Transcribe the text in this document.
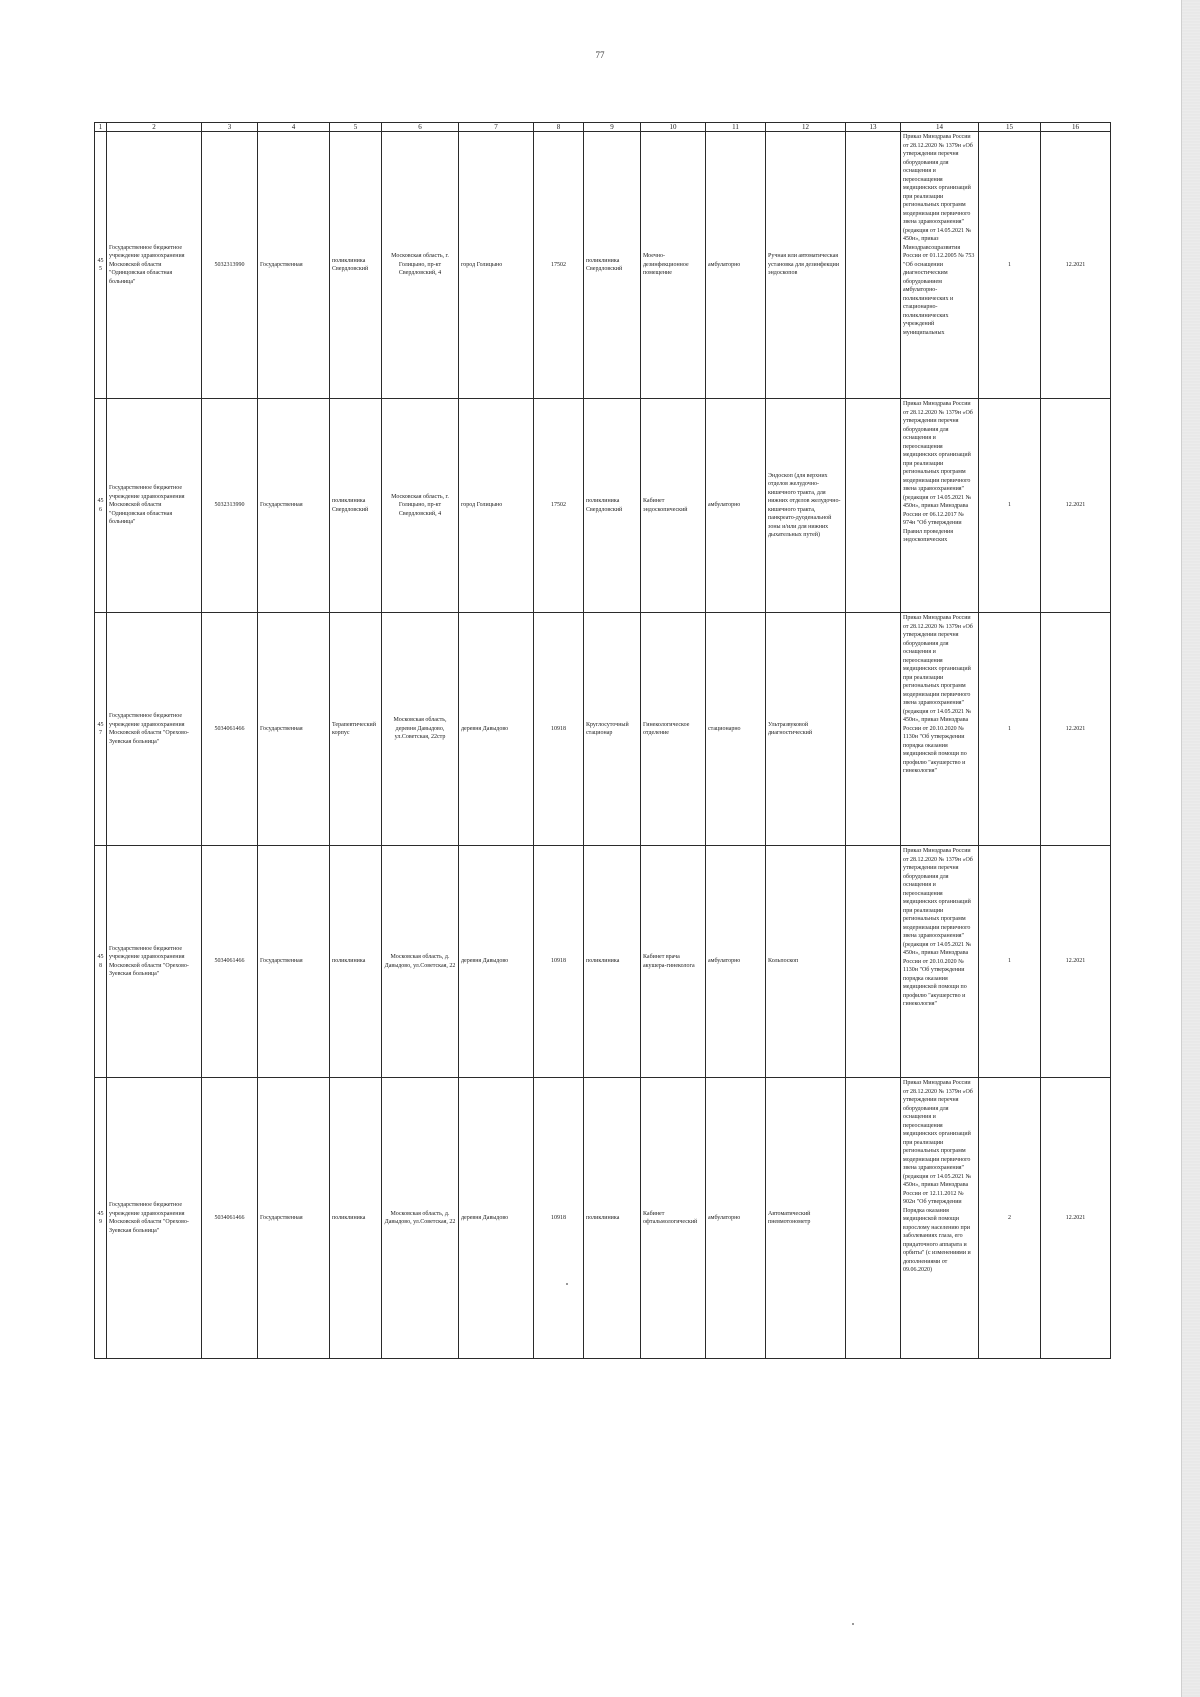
77
1	2	3	4	5	6	7	8	9	10	11	12	13	14	15	16
455	Государственное бюджетное учреждение здравоохранения Московской области "Одинцовская областная больница"	5032313990	Государственная	поликлиника Свердловский	Московская область, г. Голицыно, пр-кт Свердловский, 4	город Голицыно	17502	поликлиника Свердловский	Моечно-дезинфекционное помещение	амбулаторно	Ручная или автоматическая установка для дезинфекции эндоскопов		Приказ Минздрава России от 28.12.2020 № 1379н «Об утверждении перечня оборудования для оснащения и переоснащения медицинских организаций при реализации региональных программ модернизации первичного звена здравоохранения"(редакция от 14.05.2021 № 450н», приказ Минздравсоцразвития России от 01.12.2005 № 753 "Об оснащении диагностическим оборудованием амбулаторно-поликлинических и стационарно-поликлинических учреждений муниципальных	1	12.2021
456	Государственное бюджетное учреждение здравоохранения Московской области "Одинцовская областная больница"	5032313990	Государственная	поликлиника Свердловский	Московская область, г. Голицыно, пр-кт Свердловский, 4	город Голицыно	17502	поликлиника Свердловский	Кабинет эндоскопический	амбулаторно	Эндоскоп (для верхних отделов желудочно-кишечного тракта, для нижних отделов желудочно-кишечного тракта, панкреато-дуоденальной зоны и/или для нижних дыхательных путей)		Приказ Минздрава России от 28.12.2020 № 1379н «Об утверждении перечня оборудования для оснащения и переоснащения медицинских организаций при реализации региональных программ модернизации первичного звена здравоохранения"(редакция от 14.05.2021 № 450н», приказ Минздрава России от 06.12.2017 № 974н "Об утверждении Правил проведения эндоскопических	1	12.2021
457	Государственное бюджетное учреждение здравоохранения Московской области "Орехово-Зуевская больница"	5034061466	Государственная	Терапевтический корпус	Московская область, деревня Давыдово, ул.Советская, 22стр	деревня Давыдово	10918	Круглосуточный стационар	Гинекологическое отделение	стационарно	Ультразвуковой диагностический		Приказ Минздрава России от 28.12.2020 № 1379н «Об утверждении перечня оборудования для оснащения и переоснащения медицинских организаций при реализации региональных программ модернизации первичного звена здравоохранения"(редакция от 14.05.2021 № 450н», приказ Минздрава России от 20.10.2020 № 1130н "Об утверждении порядка оказания медицинской помощи по профилю "акушерство и гинекология"	1	12.2021
458	Государственное бюджетное учреждение здравоохранения Московской области "Орехово-Зуевская больница"	5034061466	Государственная	поликлиника	Московская область, д. Давыдово, ул.Советская, 22	деревня Давыдово	10918	поликлиника	Кабинет врача акушера-гинеколога	амбулаторно	Кольпоскоп		Приказ Минздрава России от 28.12.2020 № 1379н «Об утверждении перечня оборудования для оснащения и переоснащения медицинских организаций при реализации региональных программ модернизации первичного звена здравоохранения"(редакция от 14.05.2021 № 450н», приказ Минздрава России от 20.10.2020 № 1130н "Об утверждении порядка оказания медицинской помощи по профилю "акушерство и гинекология"	1	12.2021
459	Государственное бюджетное учреждение здравоохранения Московской области "Орехово-Зуевская больница"	5034061466	Государственная	поликлиника	Московская область, д. Давыдово, ул.Советская, 22	деревня Давыдово	10918	поликлиника	Кабинет офтальмологический	амбулаторно	Автоматический пневмотонометр		Приказ Минздрава России от 28.12.2020 № 1379н «Об утверждении перечня оборудования для оснащения и переоснащения медицинских организаций при реализации региональных программ модернизации первичного звена здравоохранения"(редакция от 14.05.2021 № 450н», приказ Минздрава России от 12.11.2012 № 902н "Об утверждении Порядка оказания медицинской помощи взрослому населению при заболеваниях глаза, его придаточного аппарата и орбиты" (с изменениями и дополнениями от 09.06.2020)	2	12.2021
